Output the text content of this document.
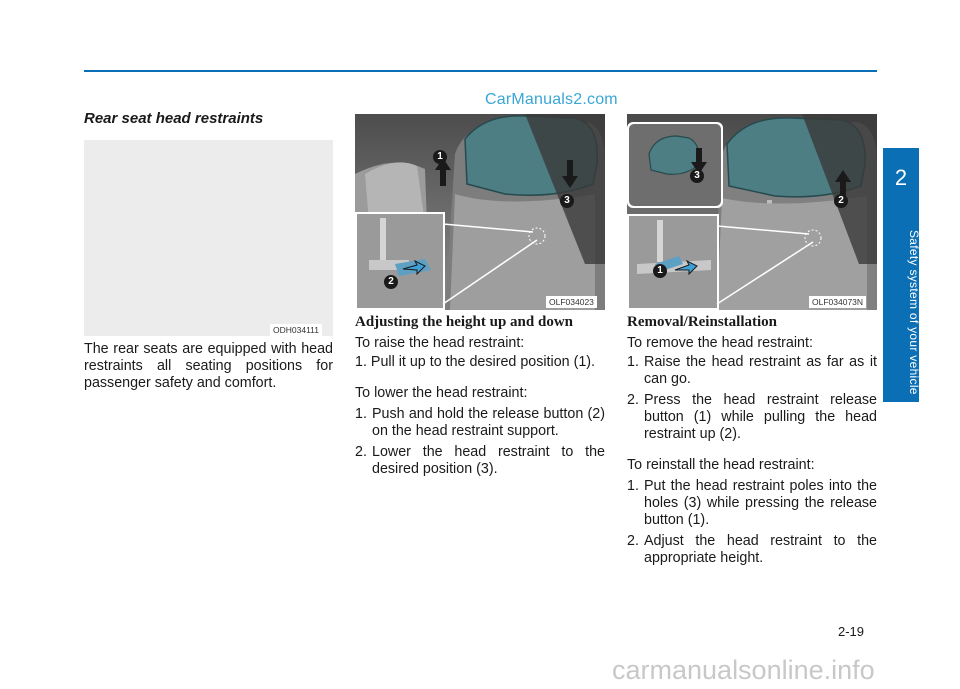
CarManuals2.com
Rear seat head restraints
ODH034111
1
2
3
OLF034023
1
2
3
OLF034073N
The rear seats are equipped with head restraints all seating positions for passenger safety and comfort.
Adjusting the height up and down
To raise the head restraint:
1. Pull it up to the desired position (1).
To lower the head restraint:
1. Push and hold the release button (2) on the head restraint support.
2. Lower the head restraint to the desired position (3).
Removal/Reinstallation
To remove the head restraint:
1. Raise the head restraint as far as it can go.
2. Press the head restraint release button (1) while pulling the head restraint up (2).
To reinstall the head restraint:
1. Put the head restraint poles into the holes (3) while pressing the release button (1).
2. Adjust the head restraint to the appropriate height.
2
Safety system of your vehicle
2-19
carmanualsonline.info
